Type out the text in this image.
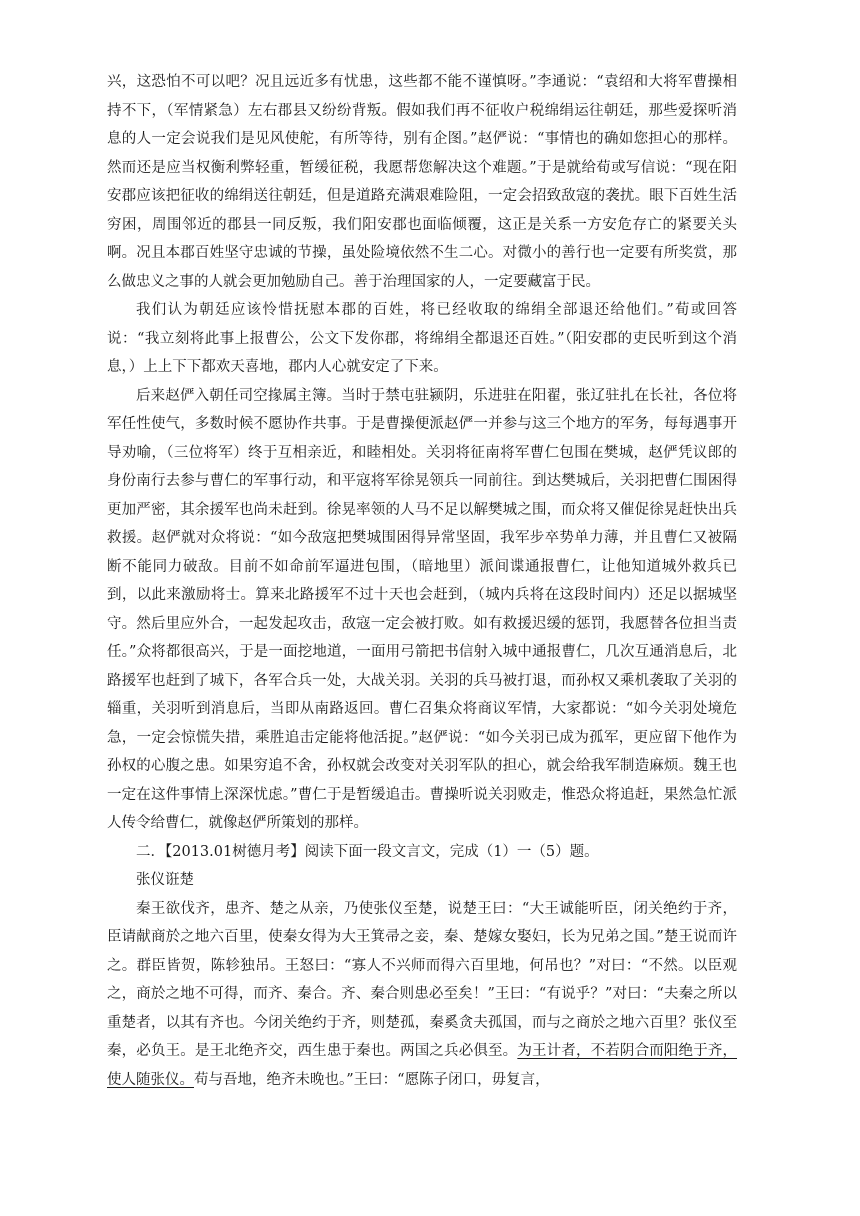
兴，这恐怕不可以吧？况且远近多有忧患，这些都不能不谨慎呀。”李通说：“袁绍和大将军曹操相持不下，（军情紧急）左右郡县又纷纷背叛。假如我们再不征收户税绵绢运往朝廷，那些爱探听消息的人一定会说我们是见风使舵，有所等待，别有企图。”赵俨说：“事情也的确如您担心的那样。然而还是应当权衡利弊轻重，暂缓征税，我愿帮您解决这个难题。”于是就给荀或写信说：“现在阳安郡应该把征收的绵绢送往朝廷，但是道路充满艰难险阻，一定会招致敌寇的袭扰。眼下百姓生活穷困，周围邻近的郡县一同反叛，我们阳安郡也面临倾覆，这正是关系一方安危存亡的紧要关头啊。况且本郡百姓坚守忠诚的节操，虽处险境依然不生二心。对微小的善行也一定要有所奖赏，那么做忠义之事的人就会更加勉励自己。善于治理国家的人，一定要藏富于民。

我们认为朝廷应该怜惜抚慰本郡的百姓，将已经收取的绵绢全部退还给他们。”荀或回答说：“我立刻将此事上报曹公，公文下发你郡，将绵绢全都退还百姓。”（阳安郡的吏民听到这个消息，）上上下下都欢天喜地，郡内人心就安定了下来。

后来赵俨入朝任司空掾属主簿。当时于禁屯驻颍阴，乐进驻在阳翟，张辽驻扎在长社，各位将军任性使气，多数时候不愿协作共事。于是曹操便派赵俨一并参与这三个地方的军务，每每遇事开导劝喻，（三位将军）终于互相亲近，和睦相处。关羽将征南将军曹仁包围在樊城，赵俨凭议郎的身份南行去参与曹仁的军事行动，和平寇将军徐晃领兵一同前往。到达樊城后，关羽把曹仁围困得更加严密，其余援军也尚未赶到。徐晃率领的人马不足以解樊城之围，而众将又催促徐晃赶快出兵救援。赵俨就对众将说：“如今敌寇把樊城围困得异常坚固，我军步卒势单力薄，并且曹仁又被隔断不能同力破敌。目前不如命前军逼进包围，（暗地里）派间谍通报曹仁，让他知道城外救兵已到，以此来激励将士。算来北路援军不过十天也会赶到，（城内兵将在这段时间内）还足以据城坚守。然后里应外合，一起发起攻击，敌寇一定会被打败。如有救援迟缓的惩罚，我愿替各位担当责任。”众将都很高兴，于是一面挖地道，一面用弓箭把书信射入城中通报曹仁，几次互通消息后，北路援军也赶到了城下，各军合兵一处，大战关羽。关羽的兵马被打退，而孙权又乘机袭取了关羽的辎重，关羽听到消息后，当即从南路返回。曹仁召集众将商议军情，大家都说：“如今关羽处境危急，一定会惊慌失措，乘胜追击定能将他活捉。”赵俨说：“如今关羽已成为孤军，更应留下他作为孙权的心腹之患。如果穷追不舍，孙权就会改变对关羽军队的担心，就会给我军制造麻烦。魏王也一定在这件事情上深深忧虑。”曹仁于是暂缓追击。曹操听说关羽败走，惟恐众将追赶，果然急忙派人传令给曹仁，就像赵俨所策划的那样。

二．【2013.01树德月考】阅读下面一段文言文，完成（1）一（5）题。

张仪诳楚

秦王欲伐齐，患齐、楚之从亲，乃使张仪至楚，说楚王曰：“大王诚能听臣，闭关绝约于齐，臣请献商於之地六百里，使秦女得为大王箕帚之妾，秦、楚嫁女娶妇，长为兄弟之国。”楚王说而许之。群臣皆贺，陈轸独吊。王怒曰：“寡人不兴师而得六百里地，何吊也？”对曰：“不然。以臣观之，商於之地不可得，而齐、秦合。齐、秦合则患必至矣！”王曰：“有说乎？”对曰：“夫秦之所以重楚者，以其有齐也。今闭关绝约于齐，则楚孤，秦奚贪夫孤国，而与之商於之地六百里？张仪至秦，必负王。是王北绝齐交，西生患于秦也。两国之兵必俱至。为王计者，不若阴合而阳绝于齐，使人随张仪。苟与吾地，绝齐未晚也。”王曰：“愿陈子闭口，毋复言，
